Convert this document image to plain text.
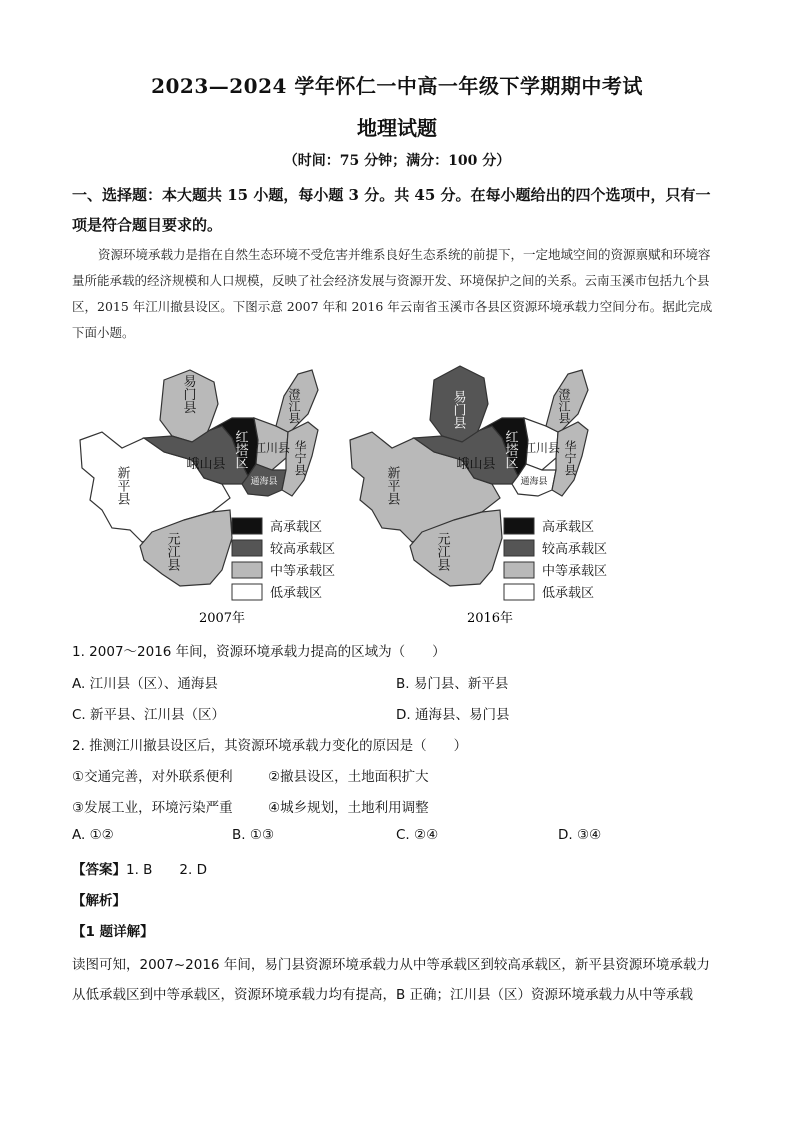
2023—2024 学年怀仁一中高一年级下学期期中考试
地理试题
（时间：75 分钟；满分：100 分）
一、选择题：本大题共 15 小题，每小题 3 分。共 45 分。在每小题给出的四个选项中，只有一项是符合题目要求的。
资源环境承载力是指在自然生态环境不受危害并维系良好生态系统的前提下，一定地域空间的资源禀赋和环境容量所能承载的经济规模和人口规模，反映了社会经济发展与资源开发、环境保护之间的关系。云南玉溪市包括九个县区，2015 年江川撤县设区。下图示意 2007 年和 2016 年云南省玉溪市各县区资源环境承载力空间分布。据此完成下面小题。
易门县
峨山县 红塔区 江川县
通海县
澄江县
华宁县
新平县
元江县
高承载区
较高承载区
中等承载区
低承载区
2007年
易门县
峨山县 红塔区 江川县
通海县
澄江县
华宁县
新平县
元江县
高承载区
较高承载区
中等承载区
低承载区
2016年
1. 2007～2016 年间，资源环境承载力提高的区域为（　　）
A. 江川县（区）、通海县	B. 易门县、新平县
C. 新平县、江川县（区）	D. 通海县、易门县
2. 推测江川撤县设区后，其资源环境承载力变化的原因是（　　）
①交通完善，对外联系便利	②撤县设区，土地面积扩大
③发展工业，环境污染严重	④城乡规划，土地利用调整
A. ①②	B. ①③	C. ②④	D. ③④
【答案】1. B　　2. D
【解析】
【1 题详解】
读图可知，2007~2016 年间，易门县资源环境承载力从中等承载区到较高承载区，新平县资源环境承载力从低承载区到中等承载区，资源环境承载力均有提高，B 正确；江川县（区）资源环境承载力从中等承载
